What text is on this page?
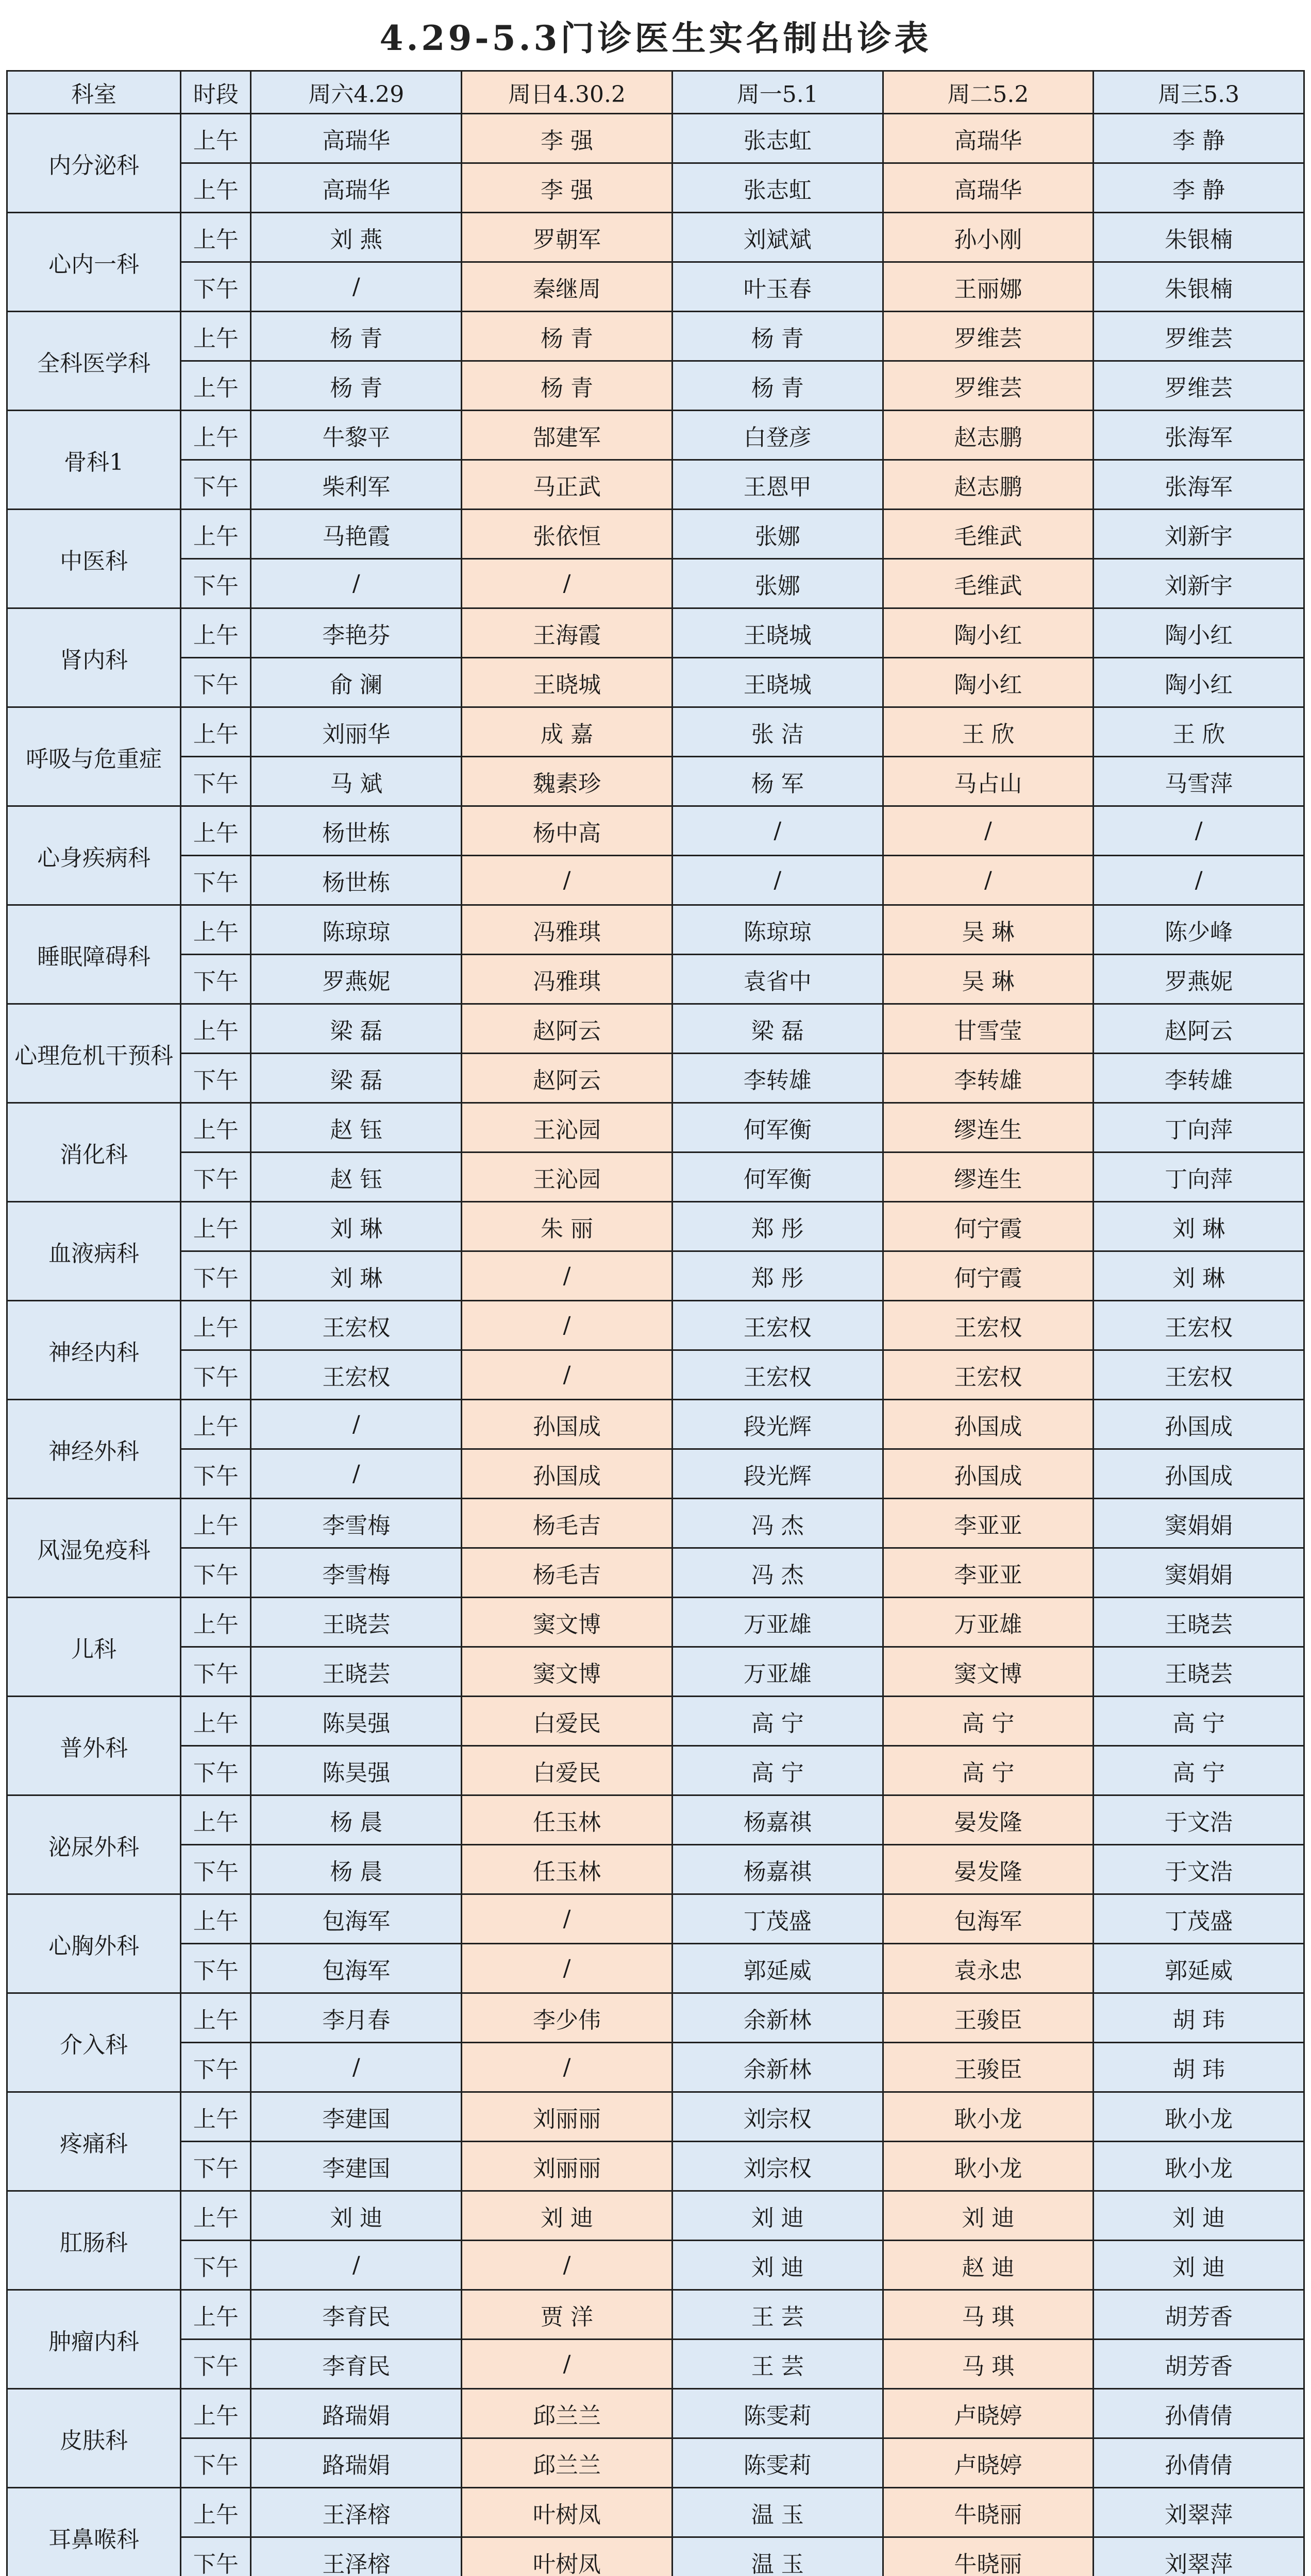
4.29-5.3门诊医生实名制出诊表
科室	时段	周六4.29	周日4.30.2	周一5.1	周二5.2	周三5.3
内分泌科	上午	高瑞华	李 强	张志虹	高瑞华	李 静
	上午	高瑞华	李 强	张志虹	高瑞华	李 静
心内一科	上午	刘 燕	罗朝军	刘斌斌	孙小刚	朱银楠
	下午	/	秦继周	叶玉春	王丽娜	朱银楠
全科医学科	上午	杨 青	杨 青	杨 青	罗维芸	罗维芸
	上午	杨 青	杨 青	杨 青	罗维芸	罗维芸
骨科1	上午	牛黎平	郜建军	白登彦	赵志鹏	张海军
	下午	柴利军	马正武	王恩甲	赵志鹏	张海军
中医科	上午	马艳霞	张依恒	张娜	毛维武	刘新宇
	下午	/	/	张娜	毛维武	刘新宇
肾内科	上午	李艳芬	王海霞	王晓城	陶小红	陶小红
	下午	俞 澜	王晓城	王晓城	陶小红	陶小红
呼吸与危重症	上午	刘丽华	成 嘉	张 洁	王 欣	王 欣
	下午	马 斌	魏素珍	杨 军	马占山	马雪萍
心身疾病科	上午	杨世栋	杨中高	/	/	/
	下午	杨世栋	/	/	/	/
睡眠障碍科	上午	陈琼琼	冯雅琪	陈琼琼	吴 琳	陈少峰
	下午	罗燕妮	冯雅琪	袁省中	吴 琳	罗燕妮
心理危机干预科	上午	梁 磊	赵阿云	梁 磊	甘雪莹	赵阿云
	下午	梁 磊	赵阿云	李转雄	李转雄	李转雄
消化科	上午	赵 钰	王沁园	何军衡	缪连生	丁向萍
	下午	赵 钰	王沁园	何军衡	缪连生	丁向萍
血液病科	上午	刘 琳	朱 丽	郑 彤	何宁霞	刘 琳
	下午	刘 琳	/	郑 彤	何宁霞	刘 琳
神经内科	上午	王宏权	/	王宏权	王宏权	王宏权
	下午	王宏权	/	王宏权	王宏权	王宏权
神经外科	上午	/	孙国成	段光辉	孙国成	孙国成
	下午	/	孙国成	段光辉	孙国成	孙国成
风湿免疫科	上午	李雪梅	杨毛吉	冯 杰	李亚亚	窦娟娟
	下午	李雪梅	杨毛吉	冯 杰	李亚亚	窦娟娟
儿科	上午	王晓芸	窦文博	万亚雄	万亚雄	王晓芸
	下午	王晓芸	窦文博	万亚雄	窦文博	王晓芸
普外科	上午	陈昊强	白爱民	高 宁	高 宁	高 宁
	下午	陈昊强	白爱民	高 宁	高 宁	高 宁
泌尿外科	上午	杨 晨	任玉林	杨嘉祺	晏发隆	于文浩
	下午	杨 晨	任玉林	杨嘉祺	晏发隆	于文浩
心胸外科	上午	包海军	/	丁茂盛	包海军	丁茂盛
	下午	包海军	/	郭延威	袁永忠	郭延威
介入科	上午	李月春	李少伟	余新林	王骏臣	胡 玮
	下午	/	/	余新林	王骏臣	胡 玮
疼痛科	上午	李建国	刘丽丽	刘宗权	耿小龙	耿小龙
	下午	李建国	刘丽丽	刘宗权	耿小龙	耿小龙
肛肠科	上午	刘 迪	刘 迪	刘 迪	刘 迪	刘 迪
	下午	/	/	刘 迪	赵 迪	刘 迪
肿瘤内科	上午	李育民	贾 洋	王 芸	马 琪	胡芳香
	下午	李育民	/	王 芸	马 琪	胡芳香
皮肤科	上午	路瑞娟	邱兰兰	陈雯莉	卢晓婷	孙倩倩
	下午	路瑞娟	邱兰兰	陈雯莉	卢晓婷	孙倩倩
耳鼻喉科	上午	王泽榕	叶树凤	温 玉	牛晓丽	刘翠萍
	下午	王泽榕	叶树凤	温 玉	牛晓丽	刘翠萍
